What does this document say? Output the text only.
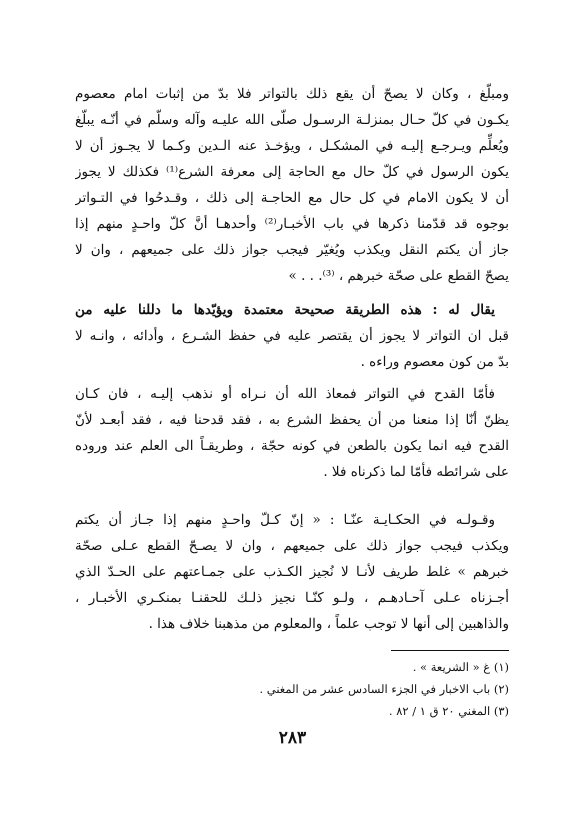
ومبلّغ ، وكان لا يصحّ أن يقع ذلك بالتواتر فلا بدّ من إثبات امام معصوم
يكـون في كلّ حـال بمنزلـة الرسـول صلّى الله عليـه وآله وسلّم في أنّـه يبلّغ
ويُعلِّم ويـرجـع إليـه في المشكـل ، ويؤخـذ عنه الـدين وكـما لا يجـوز أن لا
يكون الرسول في كلّ حال مع الحاجة إلى معرفة الشرع⁽¹⁾ فكذلك لا يجوز
أن لا يكون الامام في كل حال مع الحاجـة إلى ذلك ، وقـدحُوا في التـواتر
بوجوه قد قدّمنا ذكرها في باب الأخبـار⁽²⁾ وأحدهـا أنَّ كلّ واحـدٍ منهم إذا
جاز أن يكتم النقل ويكذب ويُغيّر فيجب جواز ذلك على جميعهم ، وان لا
يصحّ القطع على صحّة خبرهم ، ⁽³⁾. . . »
يقال له : هذه الطريقة صحيحة معتمدة ويؤيّدها ما دللنا عليه من
قبل ان التواتر لا يجوز أن يقتصر عليه في حفظ الشـرع ، وأدائه ، وانـه لا
بدّ من كون معصوم وراءه .
فأمّا القدح في التواتر فمعاذ الله أن نـراه أو نذهب إليـه ، فان كـان
يظنّ أنّا إذا منعنا من أن يحفظ الشرع به ، فقد قدحنا فيه ، فقد أبعـد لأنّ
القدح فيه انما يكون بالطعن في كونه حجّة ، وطريقـاً الى العلم عند وروده
على شرائطه فأمّا لما ذكرناه فلا .
وقـولـه في الحكـايـة عنّـا : « إنّ كـلّ واحـدٍ منهم إذا جـاز أن يكتم
ويكذب فيجب جواز ذلك على جميعهم ، وان لا يصـحّ القطع عـلى صحّة
خبرهم » غلط طريف لأنـا لا نُجيز الكـذب على جمـاعتهم على الحـدّ الذي
أجـزناه عـلى آحـادهـم ، ولـو كنّـا نجيز ذلـك للحقنـا بمنكـري الأخبـار ،
والذاهبين إلى أنها لا توجب علماً ، والمعلوم من مذهبنا خلاف هذا .
(١) غ « الشريعة » .
(٢) باب الاخبار في الجزء السادس عشر من المغني .
(٣) المغني ٢٠ ق ١ / ٨٢ .
٢٨٣
